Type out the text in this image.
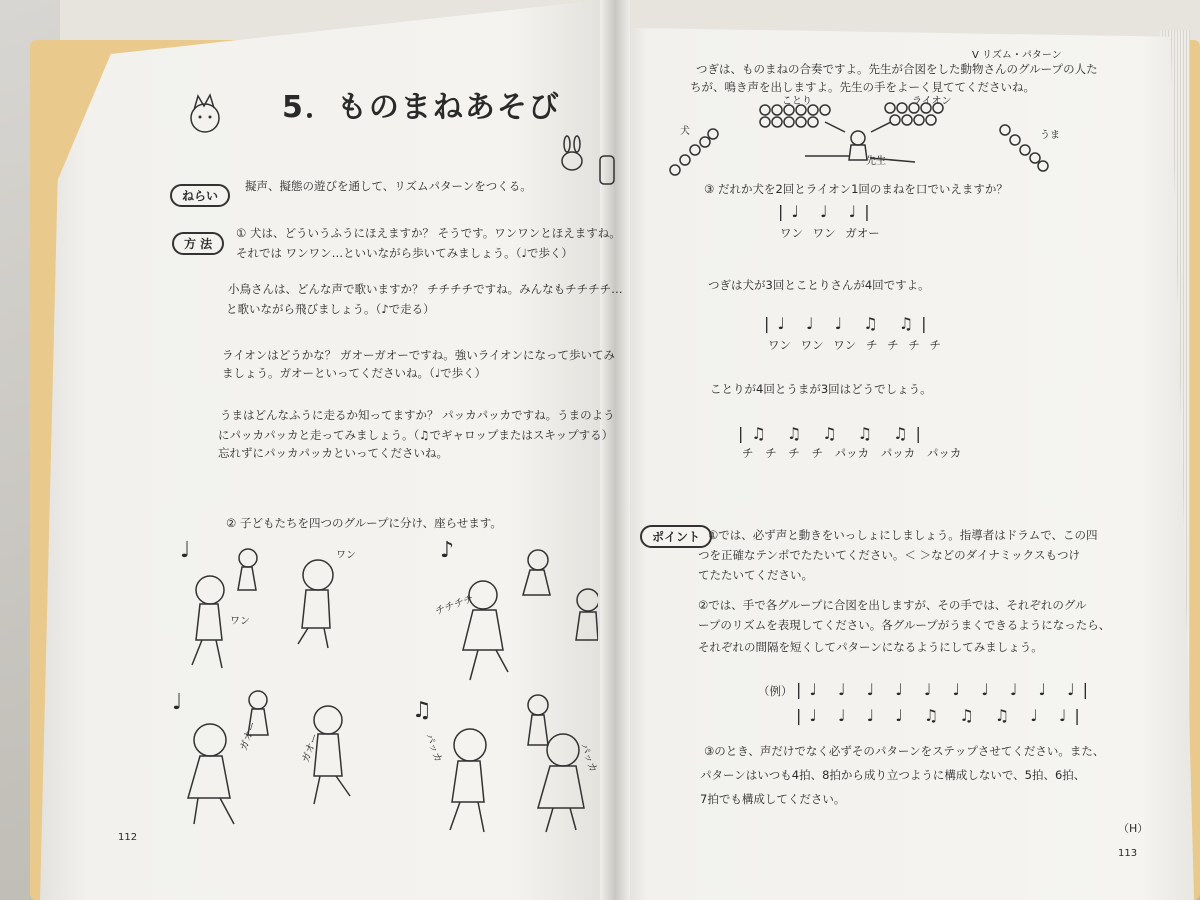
5．ものまねあそび
ねらい
擬声、擬態の遊びを通して、リズムパターンをつくる。
方 法
① 犬は、どういうふうにほえますか？ そうです。ワンワンとほえますね。
それでは ワンワン…といいながら歩いてみましょう。（♩で歩く）
小鳥さんは、どんな声で歌いますか？ チチチチですね。みんなもチチチチ…
と歌いながら飛びましょう。（♪で走る）
ライオンはどうかな？ ガオーガオーですね。強いライオンになって歩いてみ
ましょう。ガオーといってくださいね。（♩で歩く）
うまはどんなふうに走るか知ってますか？ パッカパッカですね。うまのよう
にパッカパッカと走ってみましょう。（♫でギャロップまたはスキップする）
忘れずにパッカパッカといってくださいね。
② 子どもたちを四つのグループに分け、座らせます。
♩	♪
♩	♫
ワン
ワン
チチチチ
ガオー	ガオー	パッカ	パッカ
112
V リズム・パターン
つぎは、ものまねの合奏ですよ。先生が合図をした動物さんのグループの人た
ちが、鳴き声を出しますよ。先生の手をよーく見ててくださいね。
ことり	ライオン
犬	うま
先生
③ だれか犬を2回とライオン1回のまねを口でいえますか？
|♩ ♩ ♩|
ワン ワン ガオー
つぎは犬が3回とことりさんが4回ですよ。
|♩ ♩ ♩ ♫ ♫|
ワン ワン ワン チ チ チ チ
ことりが4回とうまが3回はどうでしょう。
|♫ ♫ ♫ ♫ ♫|
チ チ チ チ パッカ パッカ パッカ
ポイント ①では、必ず声と動きをいっしょにしましょう。指導者はドラムで、この四
つを正確なテンポでたたいてください。＜ ＞などのダイナミックスもつけ
てたたいてください。
②では、手で各グループに合図を出しますが、その手では、それぞれのグル
ープのリズムを表現してください。各グループがうまくできるようになったら、
それぞれの間隔を短くしてパターンになるようにしてみましょう。
（例） |♩ ♩ ♩ ♩ ♩ ♩ ♩ ♩ ♩ ♩|
|♩ ♩ ♩ ♩ ♫ ♫ ♫ ♩ ♩|
③のとき、声だけでなく必ずそのパターンをステップさせてください。また、
パターンはいつも4拍、8拍から成り立つように構成しないで、5拍、6拍、
7拍でも構成してください。
（H）
113
